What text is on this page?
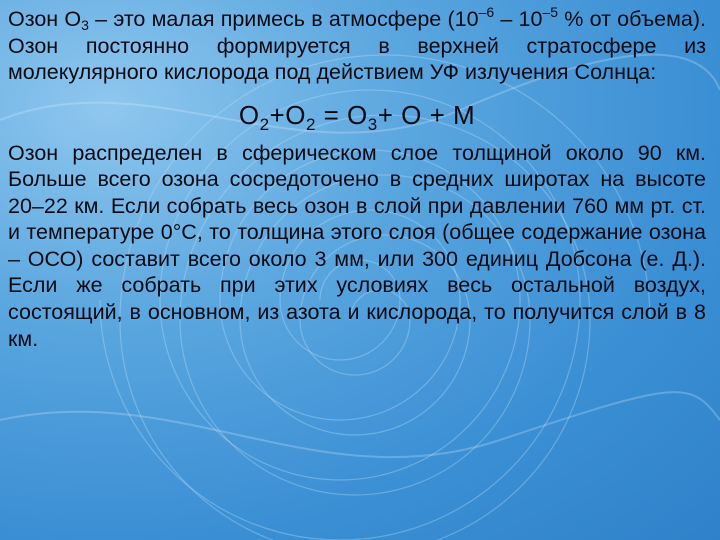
Озон $О_3$ – это малая примесь в атмосфере ($10^{-6} - 10^{-5}$ % от объема). Озон постоянно формируется в верхней стратосфере из молекулярного кислорода под действием УФ излучения Солнца:

$O_2+O_2 = O_3+ O + M$

Озон распределен в сферическом слое толщиной около 90 км. Больше всего озона сосредоточено в средних широтах на высоте 20–22 км. Если собрать весь озон в слой при давлении 760 мм рт. ст. и температуре 0°С, то толщина этого слоя (общее содержание озона – ОСО) составит всего около 3 мм, или 300 единиц Добсона (е. Д.). Если же собрать при этих условиях весь остальной воздух, состоящий, в основном, из азота и кислорода, то получится слой в 8 км.
